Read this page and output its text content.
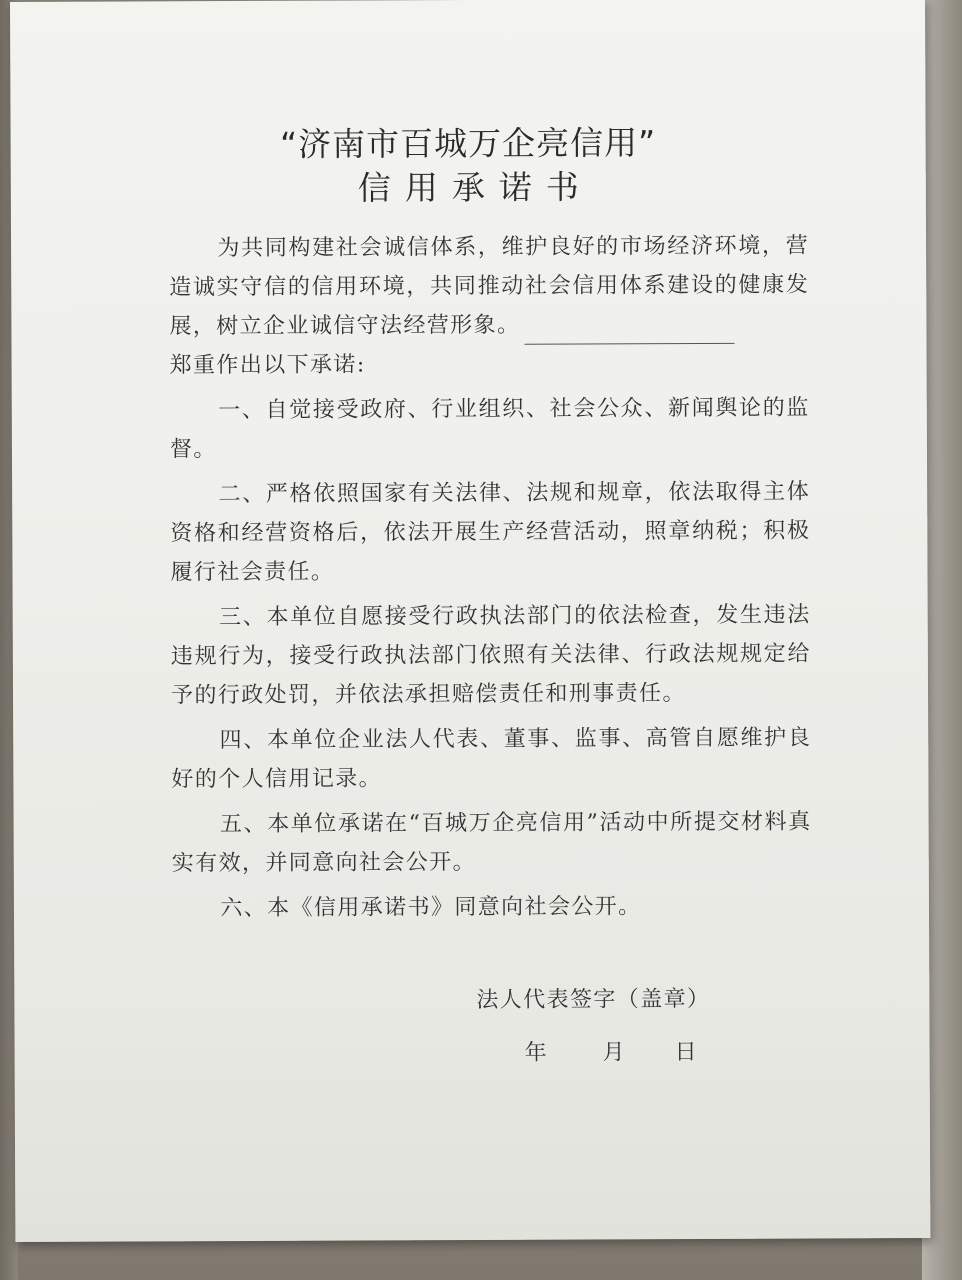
“济南市百城万企亮信用”
信用承诺书

为共同构建社会诚信体系，维护良好的市场经济环境，营造诚实守信的信用环境，共同推动社会信用体系建设的健康发展，树立企业诚信守法经营形象。
郑重作出以下承诺:

一、自觉接受政府、行业组织、社会公众、新闻舆论的监督。

二、严格依照国家有关法律、法规和规章，依法取得主体资格和经营资格后，依法开展生产经营活动，照章纳税；积极履行社会责任。

三、本单位自愿接受行政执法部门的依法检查，发生违法违规行为，接受行政执法部门依照有关法律、行政法规规定给予的行政处罚，并依法承担赔偿责任和刑事责任。

四、本单位企业法人代表、董事、监事、高管自愿维护良好的个人信用记录。

五、本单位承诺在“百城万企亮信用”活动中所提交材料真实有效，并同意向社会公开。

六、本《信用承诺书》同意向社会公开。

法人代表签字（盖章）
年	月 日
